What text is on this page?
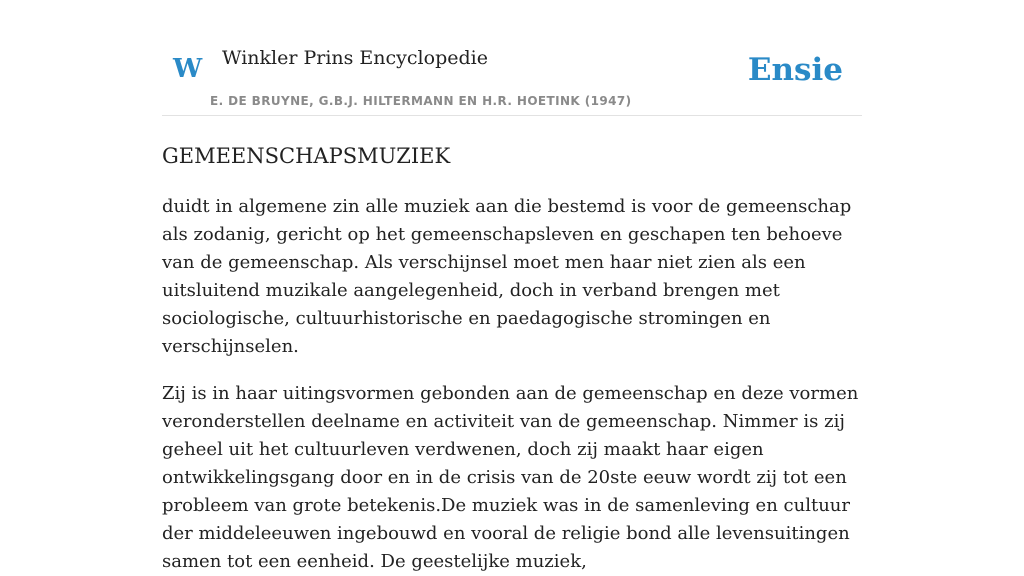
W Winkler Prins Encyclopedie
E. DE BRUYNE, G.B.J. HILTERMANN EN H.R. HOETINK (1947)
Ensie
GEMEENSCHAPSMUZIEK

duidt in algemene zin alle muziek aan die bestemd is voor de gemeenschap als zodanig, gericht op het gemeenschapsleven en geschapen ten behoeve van de gemeenschap. Als verschijnsel moet men haar niet zien als een uitsluitend muzikale aangelegenheid, doch in verband brengen met sociologische, cultuurhistorische en paedagogische stromingen en verschijnselen.

Zij is in haar uitingsvormen gebonden aan de gemeenschap en deze vormen veronderstellen deelname en activiteit van de gemeenschap. Nimmer is zij geheel uit het cultuurleven verdwenen, doch zij maakt haar eigen ontwikkelingsgang door en in de crisis van de 20ste eeuw wordt zij tot een probleem van grote betekenis.De muziek was in de samenleving en cultuur der middeleeuwen ingebouwd en vooral de religie bond alle levensuitingen samen tot een eenheid. De geestelijke muziek,
